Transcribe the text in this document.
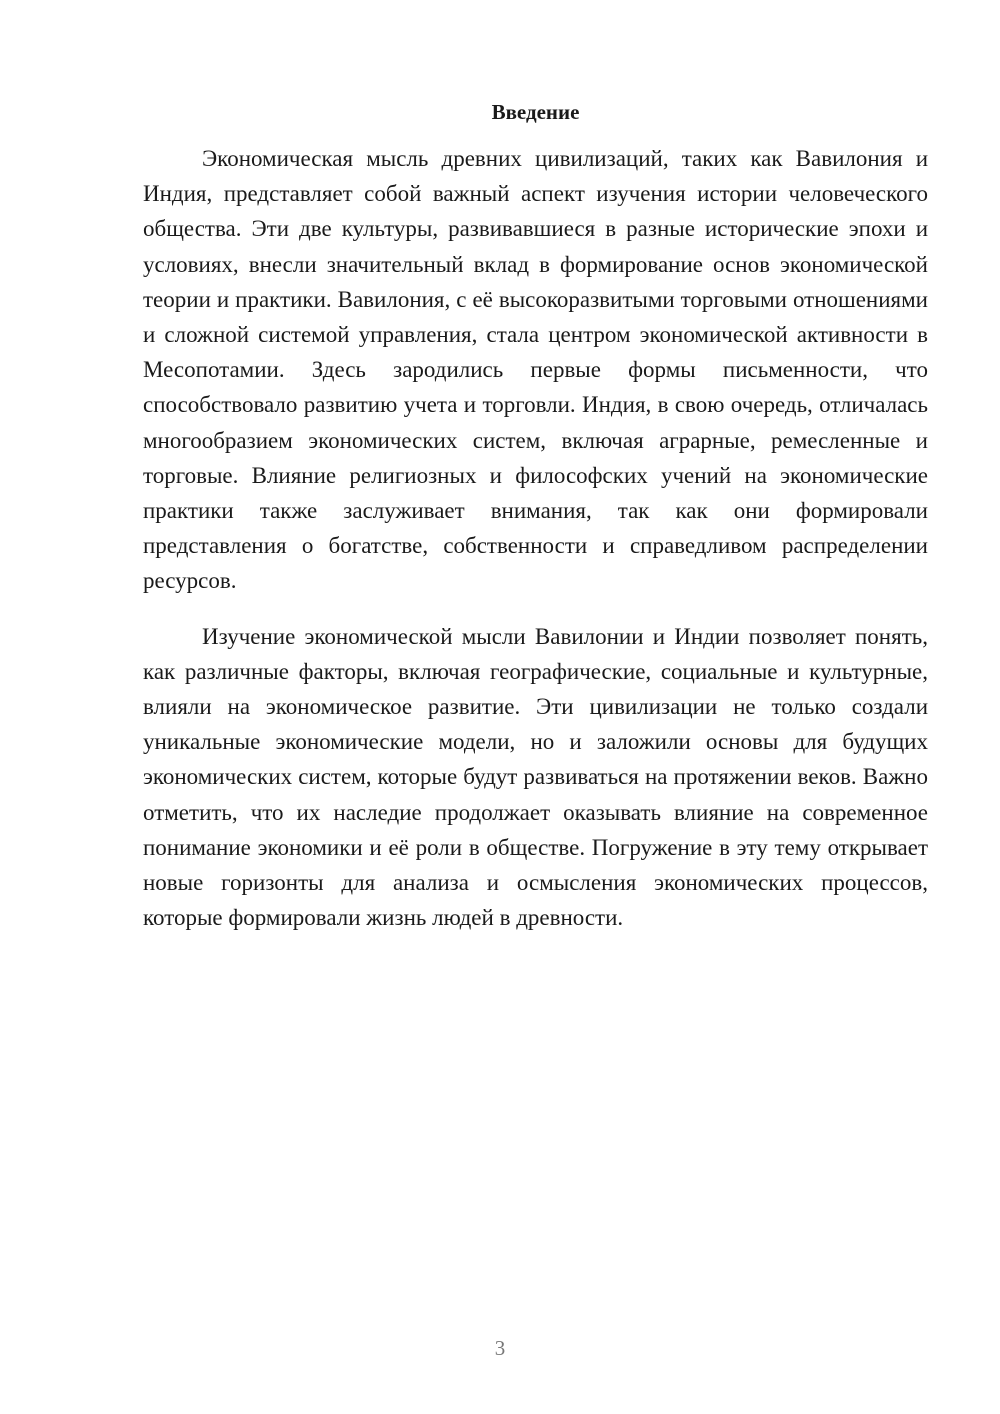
Введение

Экономическая мысль древних цивилизаций, таких как Вавилония и Индия, представляет собой важный аспект изучения истории человеческого общества. Эти две культуры, развивавшиеся в разные исторические эпохи и условиях, внесли значительный вклад в формирование основ экономической теории и практики. Вавилония, с её высокоразвитыми торговыми отношениями и сложной системой управления, стала центром экономической активности в Месопотамии. Здесь зародились первые формы письменности, что способствовало развитию учета и торговли. Индия, в свою очередь, отличалась многообразием экономических систем, включая аграрные, ремесленные и торговые. Влияние религиозных и философских учений на экономические практики также заслуживает внимания, так как они формировали представления о богатстве, собственности и справедливом распределении ресурсов.

Изучение экономической мысли Вавилонии и Индии позволяет понять, как различные факторы, включая географические, социальные и культурные, влияли на экономическое развитие. Эти цивилизации не только создали уникальные экономические модели, но и заложили основы для будущих экономических систем, которые будут развиваться на протяжении веков. Важно отметить, что их наследие продолжает оказывать влияние на современное понимание экономики и её роли в обществе. Погружение в эту тему открывает новые горизонты для анализа и осмысления экономических процессов, которые формировали жизнь людей в древности.

3
